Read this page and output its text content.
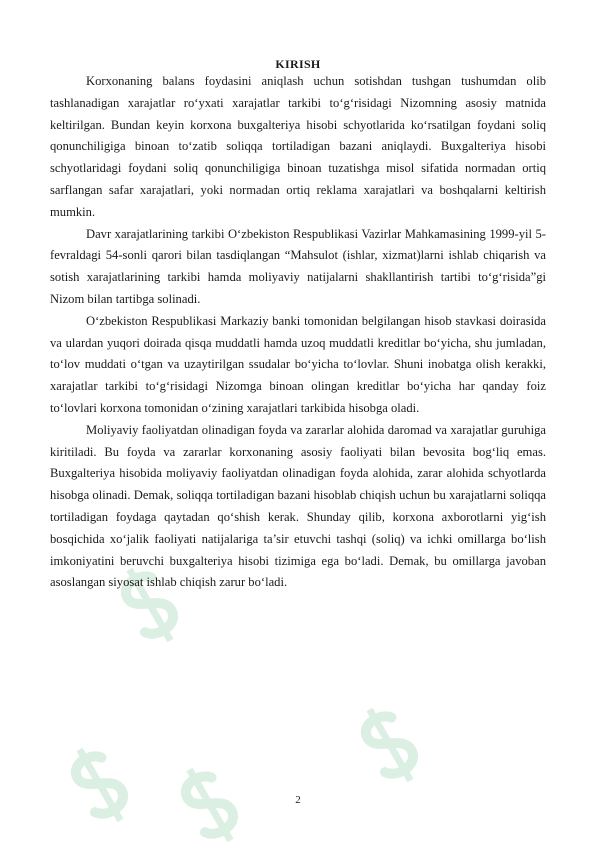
KIRISH

Korxonaning balans foydasini aniqlash uchun sotishdan tushgan tushumdan olib tashlanadigan xarajatlar ro‘yxati xarajatlar tarkibi to‘g‘risidagi Nizomning asosiy matnida keltirilgan. Bundan keyin korxona buxgalteriya hisobi schyotlarida ko‘rsatilgan foydani soliq qonunchiligiga binoan to‘zatib soliqqa tortiladigan bazani aniqlaydi. Buxgalteriya hisobi schyotlaridagi foydani soliq qonunchiligiga binoan tuzatishga misol sifatida normadan ortiq sarflangan safar xarajatlari, yoki normadan ortiq reklama xarajatlari va boshqalarni keltirish mumkin.

Davr xarajatlarining tarkibi O‘zbekiston Respublikasi Vazirlar Mahkamasining 1999-yil 5-fevraldagi 54-sonli qarori bilan tasdiqlangan “Mahsulot (ishlar, xizmat)larni ishlab chiqarish va sotish xarajatlarining tarkibi hamda moliyaviy natijalarni shakllantirish tartibi to‘g‘risida”gi Nizom bilan tartibga solinadi.

O‘zbekiston Respublikasi Markaziy banki tomonidan belgilangan hisob stavkasi doirasida va ulardan yuqori doirada qisqa muddatli hamda uzoq muddatli kreditlar bo‘yicha, shu jumladan, to‘lov muddati o‘tgan va uzaytirilgan ssudalar bo‘yicha to‘lovlar. Shuni inobatga olish kerakki, xarajatlar tarkibi to‘g‘risidagi Nizomga binoan olingan kreditlar bo‘yicha har qanday foiz to‘lovlari korxona tomonidan o‘zining xarajatlari tarkibida hisobga oladi.

Moliyaviy faoliyatdan olinadigan foyda va zararlar alohida daromad va xarajatlar guruhiga kiritiladi. Bu foyda va zararlar korxonaning asosiy faoliyati bilan bevosita bog‘liq emas. Buxgalteriya hisobida moliyaviy faoliyatdan olinadigan foyda alohida, zarar alohida schyotlarda hisobga olinadi. Demak, soliqqa tortiladigan bazani hisoblab chiqish uchun bu xarajatlarni soliqqa tortiladigan foydaga qaytadan qo‘shish kerak. Shunday qilib, korxona axborotlarni yig‘ish bosqichida xo‘jalik faoliyati natijalariga ta’sir etuvchi tashqi (soliq) va ichki omillarga bo‘lish imkoniyatini beruvchi buxgalteriya hisobi tizimiga ega bo‘ladi. Demak, bu omillarga javoban asoslangan siyosat ishlab chiqish zarur bo‘ladi.

2
